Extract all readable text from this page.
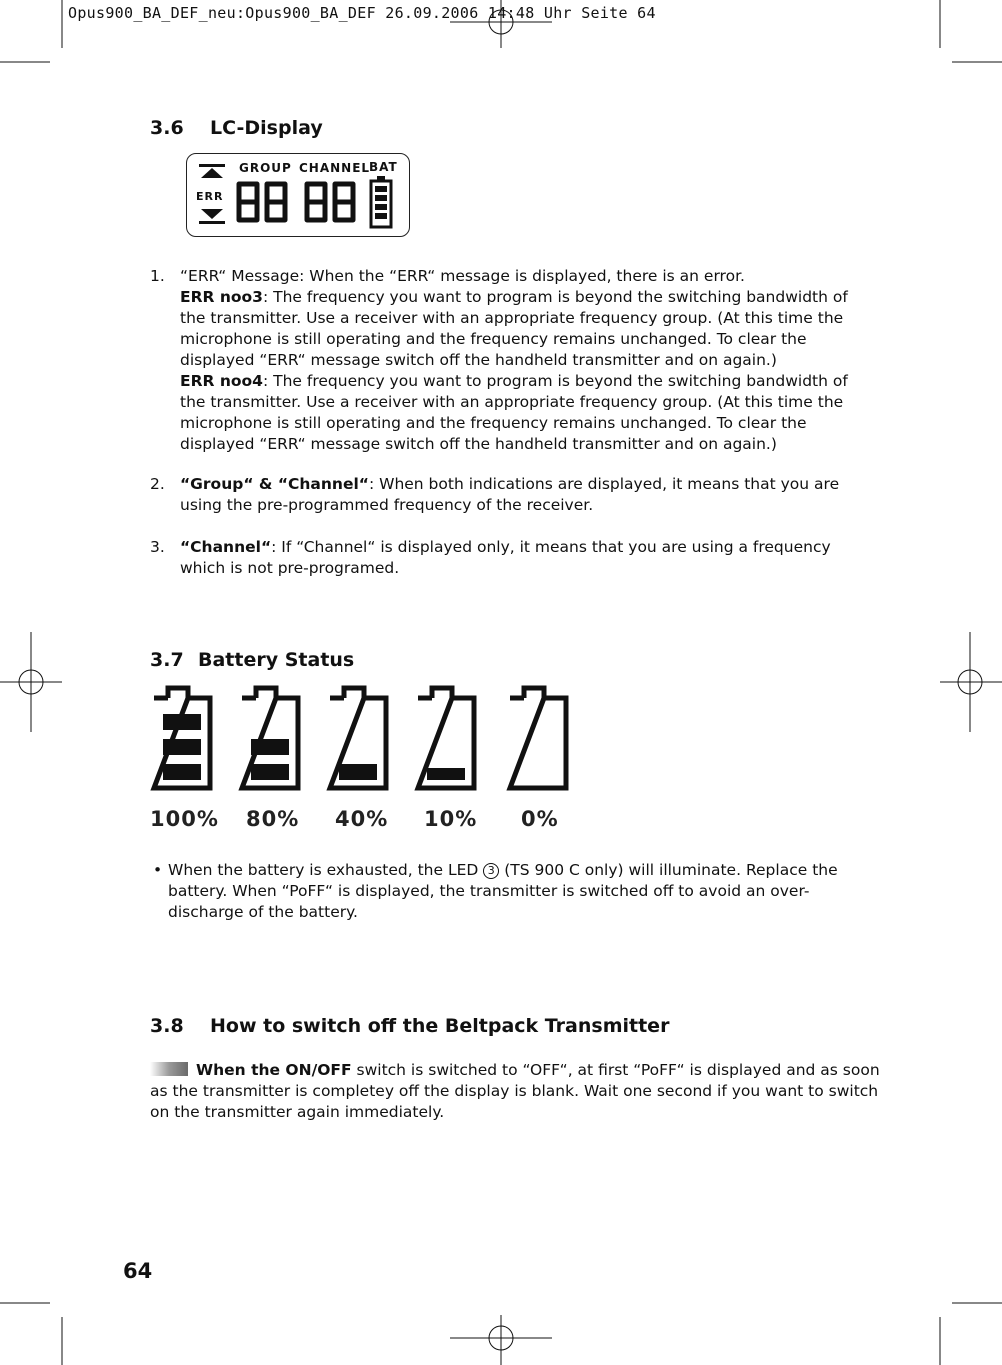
Opus900_BA_DEF_neu:Opus900_BA_DEF 26.09.2006 14:48 Uhr Seite 64
3.6 LC-Display
GROUP CHANNEL
BAT
ERR
1. “ERR“ Message: When the “ERR“ message is displayed, there is an error.

ERR noo3: The frequency you want to program is beyond the switching bandwidth of the transmitter. Use a receiver with an appropriate frequency group. (At this time the microphone is still operating and the frequency remains unchanged. To clear the displayed “ERR“ message switch off the handheld transmitter and on again.)

ERR noo4: The frequency you want to program is beyond the switching bandwidth of the transmitter. Use a receiver with an appropriate frequency group. (At this time the microphone is still operating and the frequency remains unchanged. To clear the displayed “ERR“ message switch off the handheld transmitter and on again.)

2. “Group“ & “Channel“: When both indications are displayed, it means that you are using the pre-programmed frequency of the receiver.

3. “Channel“: If “Channel“ is displayed only, it means that you are using a frequency which is not pre-programed.

3.7 Battery Status
100% 80% 40% 10% 0%
• When the battery is exhausted, the LED 3 (TS 900 C only) will illuminate. Replace the battery. When “PoFF“ is displayed, the transmitter is switched off to avoid an over-discharge of the battery.
3.8 How to switch off the Beltpack Transmitter
When the ON/OFF switch is switched to “OFF“, at first “PoFF“ is displayed and as soon as the transmitter is completey off the display is blank. Wait one second if you want to switch on the transmitter again immediately.
64
